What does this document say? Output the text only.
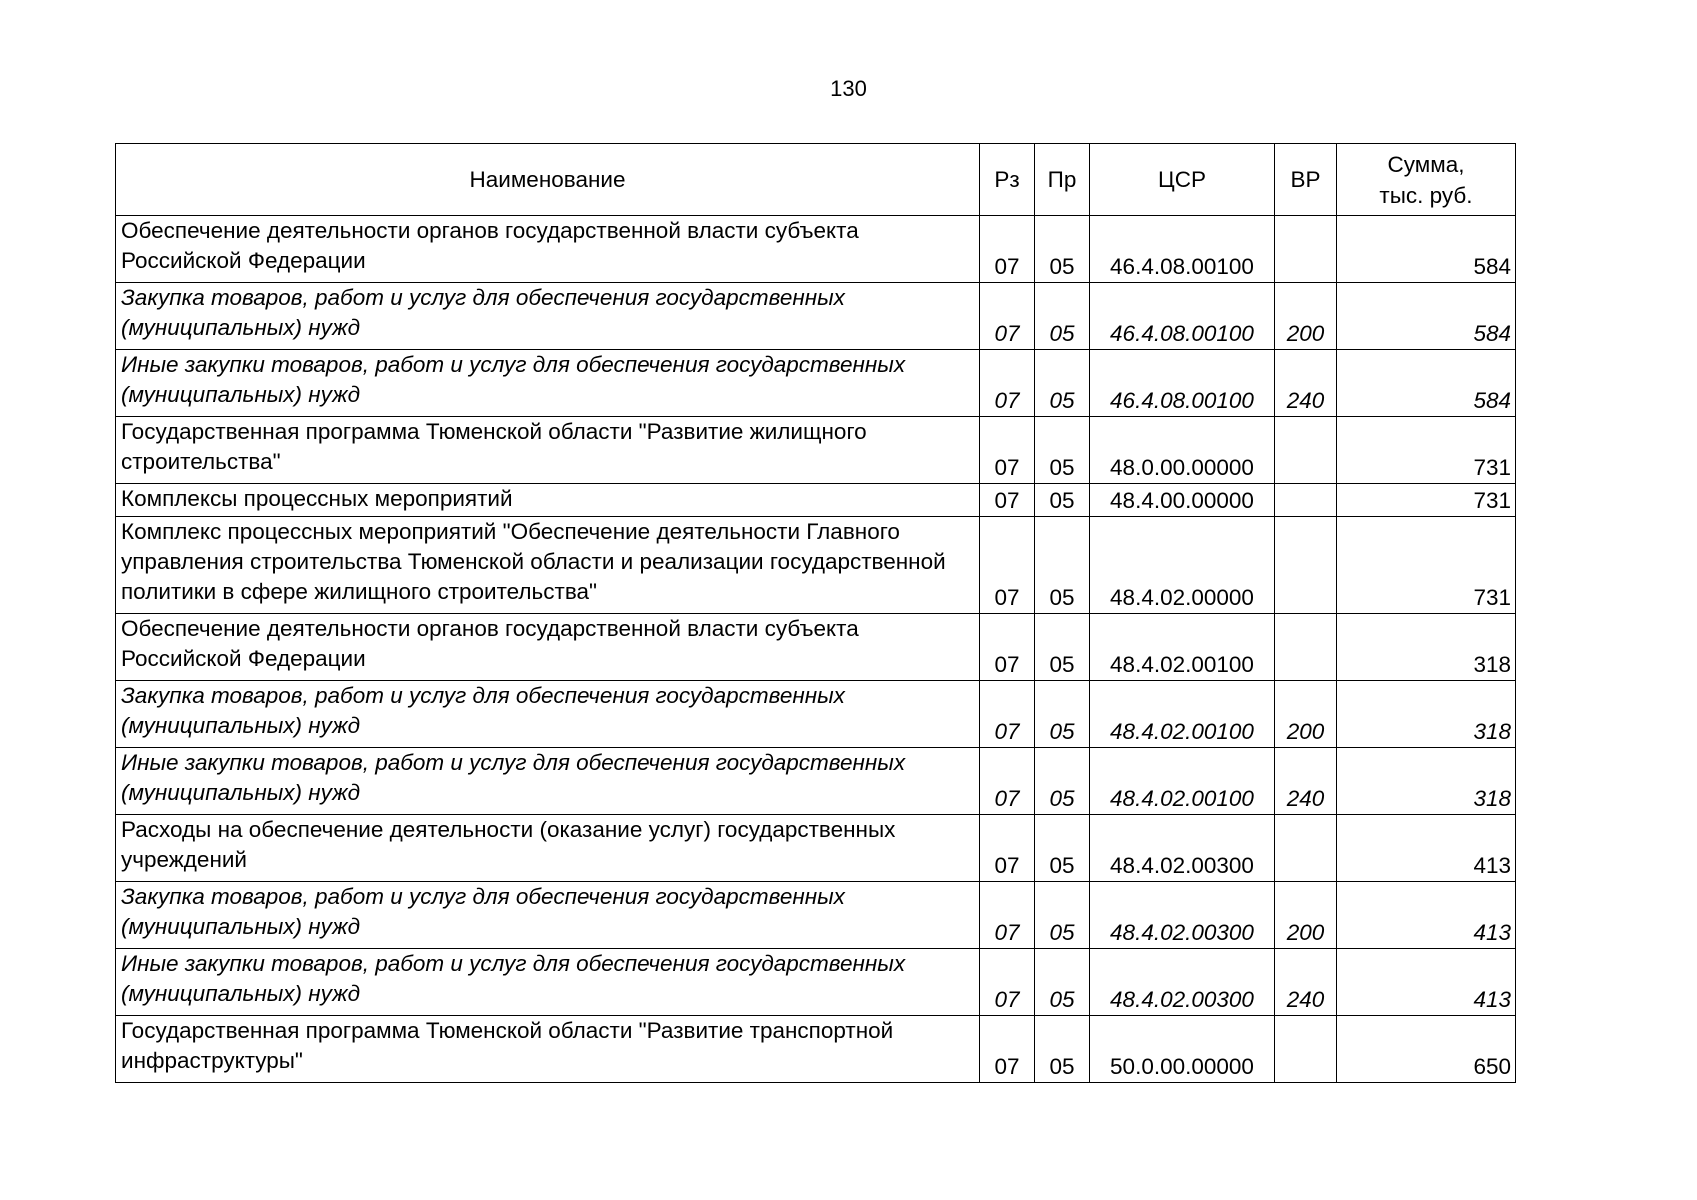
130
Наименование	Рз	Пр	ЦСР	ВР	Сумма,
тыс. руб.
Обеспечение деятельности органов государственной власти субъекта Российской Федерации	07	05	46.4.08.00100		584
Закупка товаров, работ и услуг для обеспечения государственных (муниципальных) нужд	07	05	46.4.08.00100	200	584
Иные закупки товаров, работ и услуг для обеспечения государственных (муниципальных) нужд	07	05	46.4.08.00100	240	584
Государственная программа Тюменской области "Развитие жилищного строительства"	07	05	48.0.00.00000		731
Комплексы процессных мероприятий	07	05	48.4.00.00000		731
Комплекс процессных мероприятий "Обеспечение деятельности Главного управления строительства Тюменской области и реализации государственной политики в сфере жилищного строительства"	07	05	48.4.02.00000		731
Обеспечение деятельности органов государственной власти субъекта Российской Федерации	07	05	48.4.02.00100		318
Закупка товаров, работ и услуг для обеспечения государственных (муниципальных) нужд	07	05	48.4.02.00100	200	318
Иные закупки товаров, работ и услуг для обеспечения государственных (муниципальных) нужд	07	05	48.4.02.00100	240	318
Расходы на обеспечение деятельности (оказание услуг) государственных учреждений	07	05	48.4.02.00300		413
Закупка товаров, работ и услуг для обеспечения государственных (муниципальных) нужд	07	05	48.4.02.00300	200	413
Иные закупки товаров, работ и услуг для обеспечения государственных (муниципальных) нужд	07	05	48.4.02.00300	240	413
Государственная программа Тюменской области "Развитие транспортной инфраструктуры"	07	05	50.0.00.00000		650
